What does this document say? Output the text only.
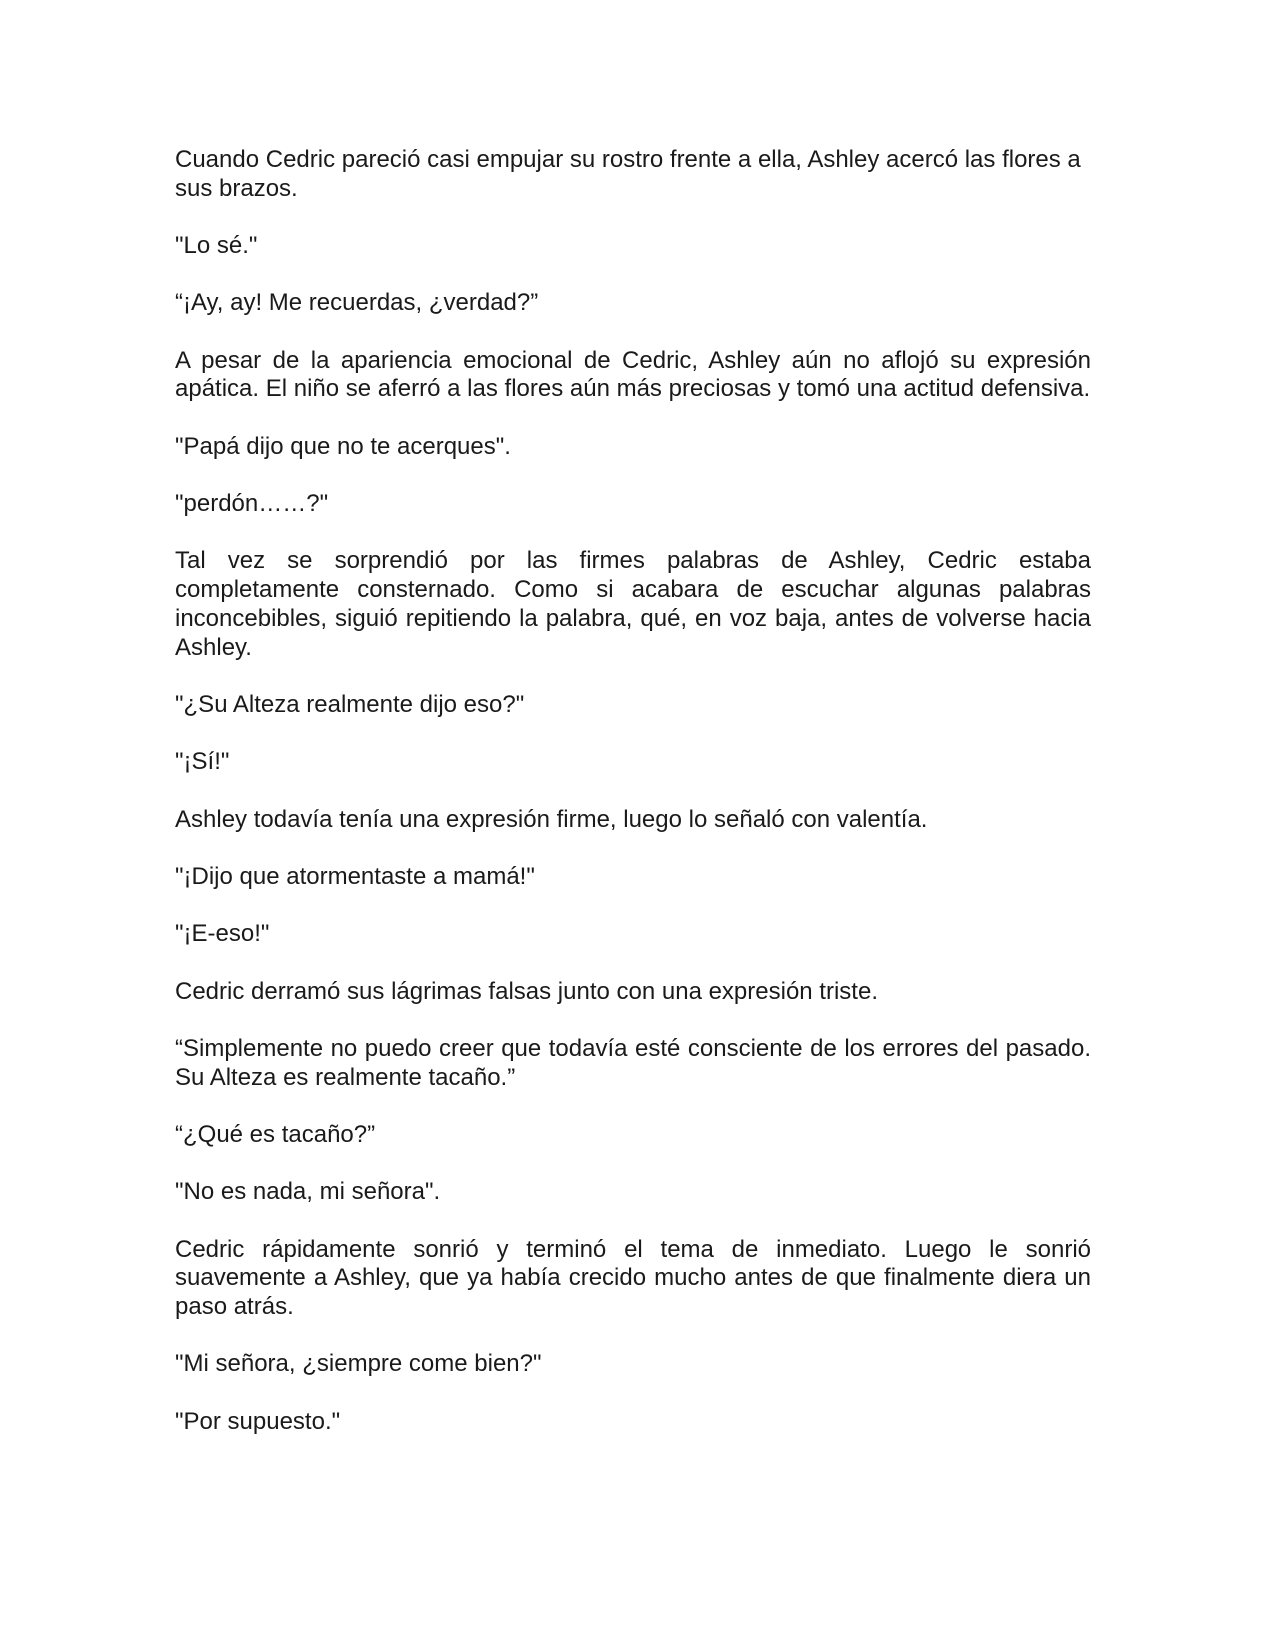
Cuando Cedric pareció casi empujar su rostro frente a ella, Ashley acercó las flores a sus brazos.

"Lo sé."

“¡Ay, ay! Me recuerdas, ¿verdad?”

A pesar de la apariencia emocional de Cedric, Ashley aún no aflojó su expresión apática. El niño se aferró a las flores aún más preciosas y tomó una actitud defensiva.

"Papá dijo que no te acerques".

"perdón……?"

Tal vez se sorprendió por las firmes palabras de Ashley, Cedric estaba completamente consternado. Como si acabara de escuchar algunas palabras inconcebibles, siguió repitiendo la palabra, qué, en voz baja, antes de volverse hacia Ashley.

"¿Su Alteza realmente dijo eso?"

"¡Sí!"

Ashley todavía tenía una expresión firme, luego lo señaló con valentía.

"¡Dijo que atormentaste a mamá!"

"¡E-eso!"

Cedric derramó sus lágrimas falsas junto con una expresión triste.

“Simplemente no puedo creer que todavía esté consciente de los errores del pasado. Su Alteza es realmente tacaño.”

“¿Qué es tacaño?”

"No es nada, mi señora".

Cedric rápidamente sonrió y terminó el tema de inmediato. Luego le sonrió suavemente a Ashley, que ya había crecido mucho antes de que finalmente diera un paso atrás.

"Mi señora, ¿siempre come bien?"

"Por supuesto."
